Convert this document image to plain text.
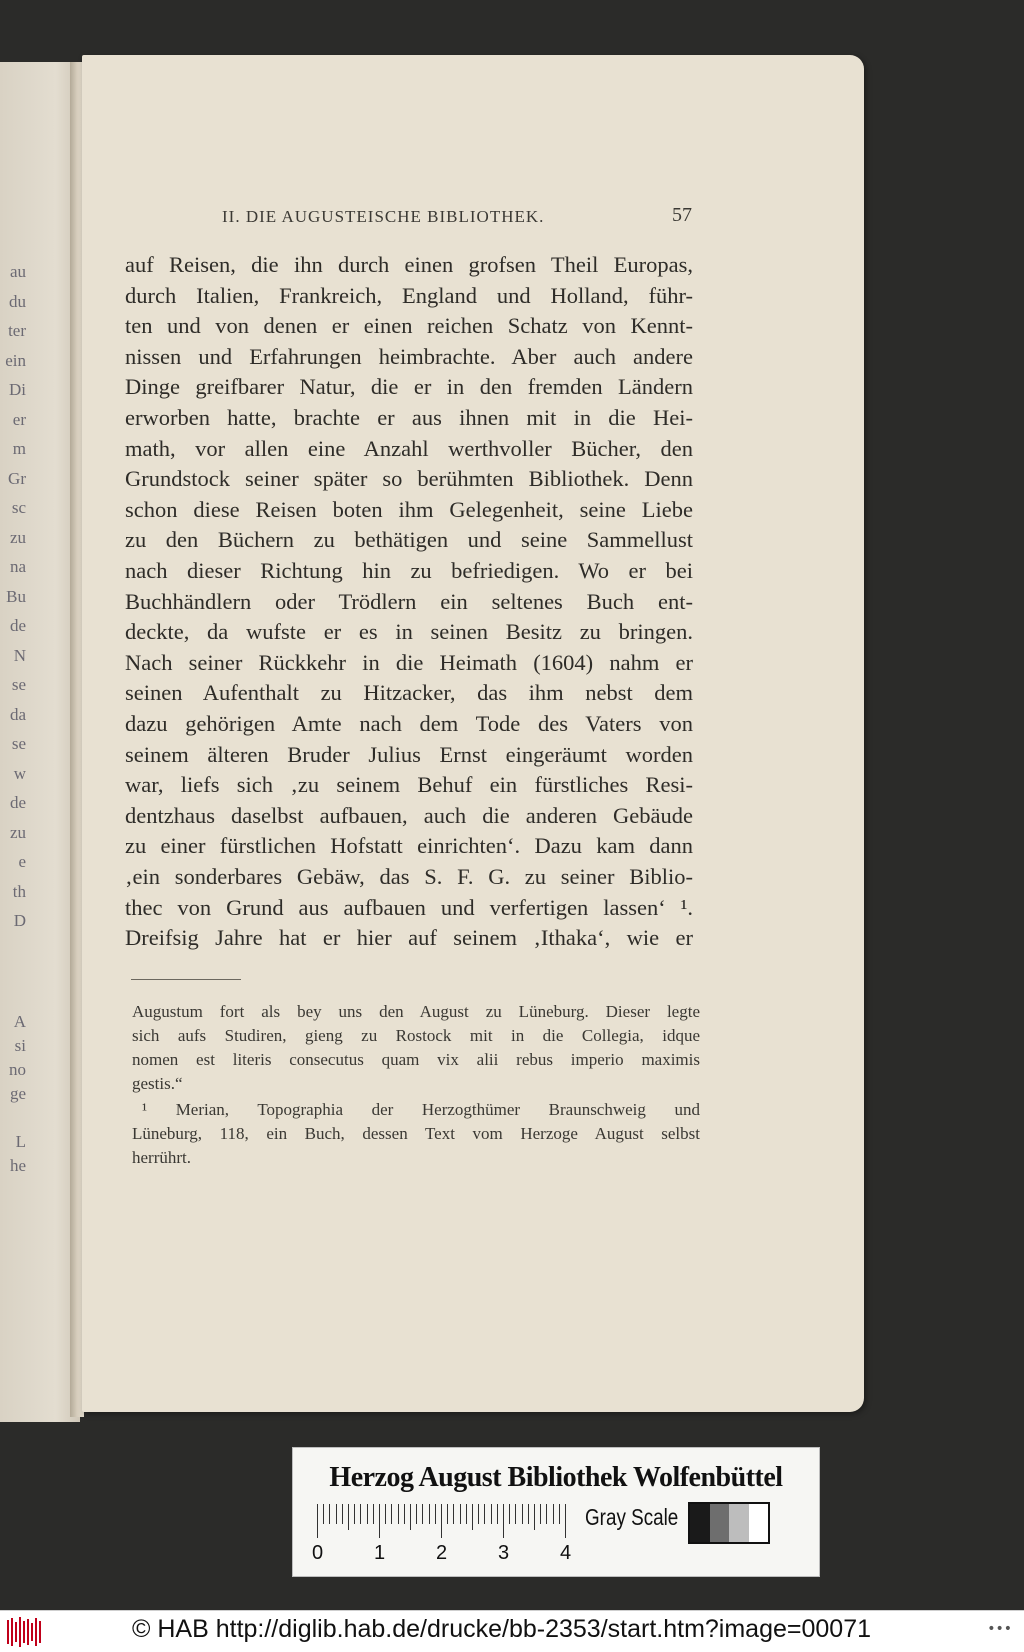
au
du
ter
ein
Di
er
m
Gr
sc
zu
na
Bu
de
N
se
da
se
w
de
zu
e
th
D
A
si
no
ge
L
he
II. DIE AUGUSTEISCHE BIBLIOTHEK.	57
auf Reisen, die ihn durch einen grofsen Theil Europas,
durch Italien, Frankreich, England und Holland, führ-
ten und von denen er einen reichen Schatz von Kennt-
nissen und Erfahrungen heimbrachte. Aber auch andere
Dinge greifbarer Natur, die er in den fremden Ländern
erworben hatte, brachte er aus ihnen mit in die Hei-
math, vor allen eine Anzahl werthvoller Bücher, den
Grundstock seiner später so berühmten Bibliothek. Denn
schon diese Reisen boten ihm Gelegenheit, seine Liebe
zu den Büchern zu bethätigen und seine Sammellust
nach dieser Richtung hin zu befriedigen. Wo er bei
Buchhändlern oder Trödlern ein seltenes Buch ent-
deckte, da wufste er es in seinen Besitz zu bringen.
Nach seiner Rückkehr in die Heimath (1604) nahm er
seinen Aufenthalt zu Hitzacker, das ihm nebst dem
dazu gehörigen Amte nach dem Tode des Vaters von
seinem älteren Bruder Julius Ernst eingeräumt worden
war, liefs sich ‚zu seinem Behuf ein fürstliches Resi-
dentzhaus daselbst aufbauen, auch die anderen Gebäude
zu einer fürstlichen Hofstatt einrichten‘. Dazu kam dann
‚ein sonderbares Gebäw, das S. F. G. zu seiner Biblio-
thec von Grund aus aufbauen und verfertigen lassen‘ ¹.
Dreifsig Jahre hat er hier auf seinem ‚Ithaka‘, wie er
Augustum fort als bey uns den August zu Lüneburg. Dieser legte
sich aufs Studiren, gieng zu Rostock mit in die Collegia, idque
nomen est literis consecutus quam vix alii rebus imperio maximis
gestis.“
¹ Merian, Topographia der Herzogthümer Braunschweig und
Lüneburg, 118, ein Buch, dessen Text vom Herzoge August selbst
herrührt.
Herzog August Bibliothek Wolfenbüttel
0	1	2	3	4
Gray Scale
© HAB http://diglib.hab.de/drucke/bb-2353/start.htm?image=00071	•••
